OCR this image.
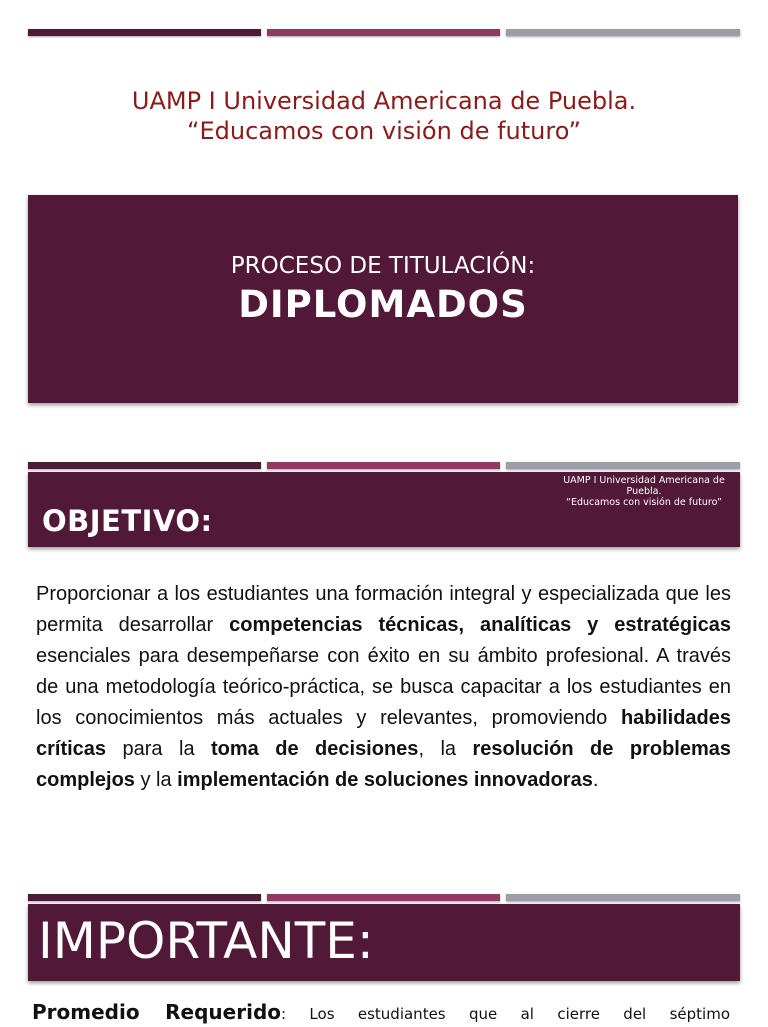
UAMP I Universidad Americana de Puebla.
“Educamos con visión de futuro”
PROCESO DE TITULACIÓN:
DIPLOMADOS
UAMP I Universidad Americana de
Puebla.
“Educamos con visión de futuro”
OBJETIVO:
Proporcionar a los estudiantes una formación integral y especializada que les permita desarrollar competencias técnicas, analíticas y estratégicas esenciales para desempeñarse con éxito en su ámbito profesional. A través de una metodología teórico-práctica, se busca capacitar a los estudiantes en los conocimientos más actuales y relevantes, promoviendo habilidades críticas para la toma de decisiones, la resolución de problemas complejos y la implementación de soluciones innovadoras.
IMPORTANTE:
Promedio Requerido: Los estudiantes que al cierre del séptimo
